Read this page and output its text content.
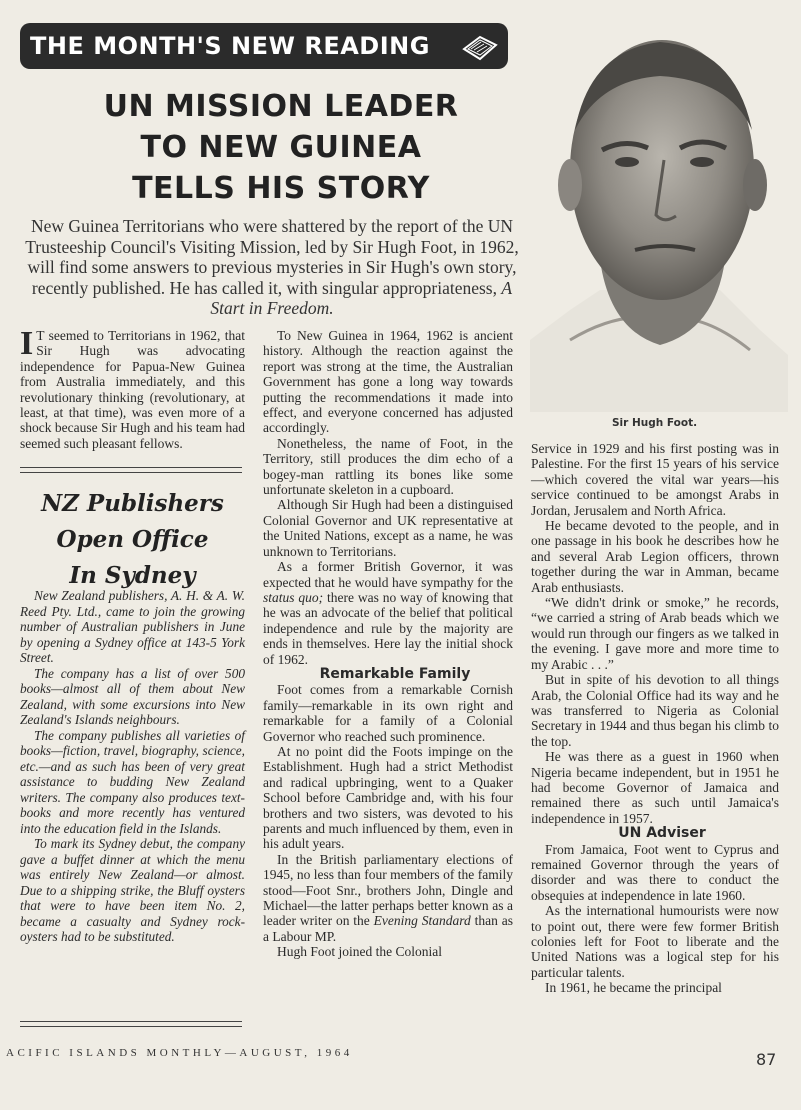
THE MONTH'S NEW READING
UN MISSION LEADER
TO NEW GUINEA
TELLS HIS STORY
New Guinea Territorians who were shattered by the report of the UN Trusteeship Council's Visiting Mission, led by Sir Hugh Foot, in 1962, will find some answers to previous mysteries in Sir Hugh's own story, recently published. He has called it, with singular appropriateness, A Start in Freedom.
Sir Hugh Foot.

I T seemed to Territorians in 1962, that Sir Hugh was advocating independence for Papua-New Guinea from Australia immediately, and this revolutionary thinking (revolutionary, at least, at that time), was even more of a shock because Sir Hugh and his team had seemed such pleasant fellows.

NZ Publishers
Open Office
In Sydney

New Zealand publishers, A. H. & A. W. Reed Pty. Ltd., came to join the growing number of Australian publishers in June by opening a Sydney office at 143-5 York Street.

The company has a list of over 500 books—almost all of them about New Zealand, with some excursions into New Zealand's Islands neighbours.

The company publishes all varieties of books—fiction, travel, biography, science, etc.—and as such has been of very great assistance to budding New Zealand writers. The company also produces text-books and more recently has ventured into the education field in the Islands.

To mark its Sydney debut, the company gave a buffet dinner at which the menu was entirely New Zealand—or almost. Due to a shipping strike, the Bluff oysters that were to have been item No. 2, became a casualty and Sydney rock-oysters had to be substituted.

To New Guinea in 1964, 1962 is ancient history. Although the reaction against the report was strong at the time, the Australian Government has gone a long way towards putting the recommendations it made into effect, and everyone concerned has adjusted accordingly.

Nonetheless, the name of Foot, in the Territory, still produces the dim echo of a bogey-man rattling its bones like some unfortunate skeleton in a cupboard.

Although Sir Hugh had been a distinguised Colonial Governor and UK representative at the United Nations, except as a name, he was unknown to Territorians.

As a former British Governor, it was expected that he would have sympathy for the status quo; there was no way of knowing that he was an advocate of the belief that political independence and rule by the majority are ends in themselves. Here lay the initial shock of 1962.

Remarkable Family

Foot comes from a remarkable Cornish family—remarkable in its own right and remarkable for a family of a Colonial Governor who reached such prominence.

At no point did the Foots impinge on the Establishment. Hugh had a strict Methodist and radical upbringing, went to a Quaker School before Cambridge and, with his four brothers and two sisters, was devoted to his parents and much influenced by them, even in his adult years.

In the British parliamentary elections of 1945, no less than four members of the family stood—Foot Snr., brothers John, Dingle and Michael—the latter perhaps better known as a leader writer on the Evening Standard than as a Labour MP.

Hugh Foot joined the Colonial

Service in 1929 and his first posting was in Palestine. For the first 15 years of his service—which covered the vital war years—his service continued to be amongst Arabs in Jordan, Jerusalem and North Africa.

He became devoted to the people, and in one passage in his book he describes how he and several Arab Legion officers, thrown together during the war in Amman, became Arab enthusiasts.

“We didn't drink or smoke,” he records, “we carried a string of Arab beads which we would run through our fingers as we talked in the evening. I gave more and more time to my Arabic . . .”

But in spite of his devotion to all things Arab, the Colonial Office had its way and he was transferred to Nigeria as Colonial Secretary in 1944 and thus began his climb to the top.

He was there as a guest in 1960 when Nigeria became independent, but in 1951 he had become Governor of Jamaica and remained there as such until Jamaica's independence in 1957.

UN Adviser

From Jamaica, Foot went to Cyprus and remained Governor through the years of disorder and was there to conduct the obsequies at independence in late 1960.

As the international humourists were now to point out, there were few former British colonies left for Foot to liberate and the United Nations was a logical step for his particular talents.

In 1961, he became the principal

ACIFIC ISLANDS MONTHLY—AUGUST, 1964	87
